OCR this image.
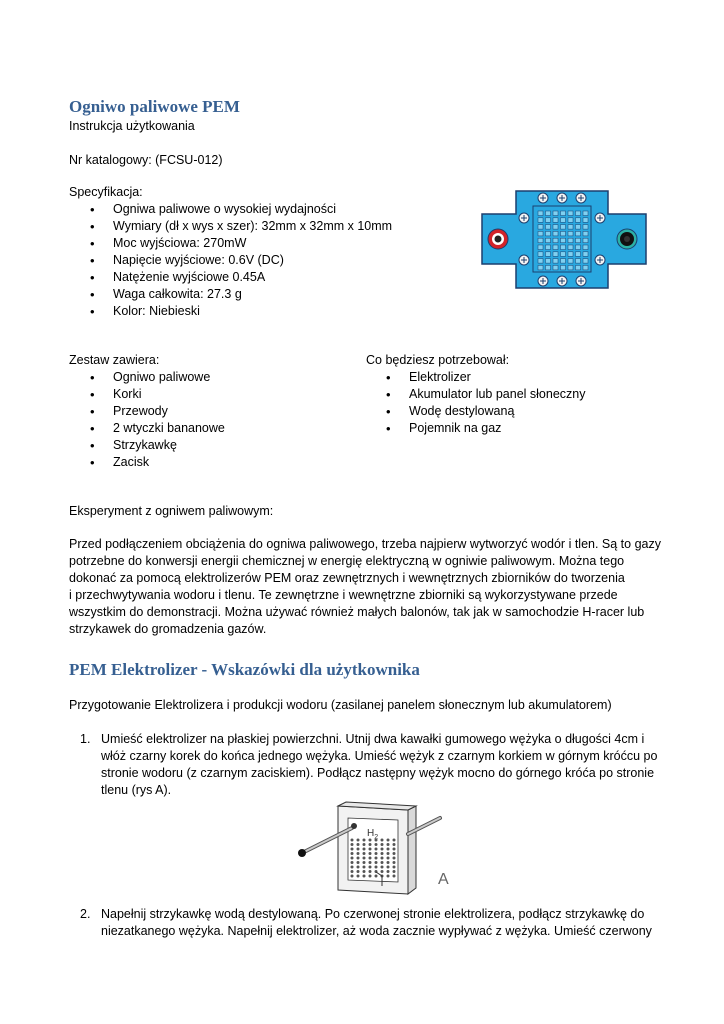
Ogniwo paliwowe PEM
Instrukcja użytkowania
Nr katalogowy: (FCSU-012)
Specyfikacja:
• Ogniwa paliwowe o wysokiej wydajności
• Wymiary (dł x wys x szer): 32mm x 32mm x 10mm
• Moc wyjściowa: 270mW
• Napięcie wyjściowe: 0.6V (DC)
• Natężenie wyjściowe 0.45A
• Waga całkowita: 27.3 g
• Kolor: Niebieski
Zestaw zawiera:
• Ogniwo paliwowe
• Korki
• Przewody
• 2 wtyczki bananowe
• Strzykawkę
• Zacisk
Co będziesz potrzebował:
• Elektrolizer
• Akumulator lub panel słoneczny
• Wodę destylowaną
• Pojemnik na gaz
Eksperyment z ogniwem paliwowym:
Przed podłączeniem obciążenia do ogniwa paliwowego, trzeba najpierw wytworzyć wodór i tlen. Są to gazy
potrzebne do konwersji energii chemicznej w energię elektryczną w ogniwie paliwowym. Można tego
dokonać za pomocą elektrolizerów PEM oraz zewnętrznych i wewnętrznych zbiorników do tworzenia
i przechwytywania wodoru i tlenu. Te zewnętrzne i wewnętrzne zbiorniki są wykorzystywane przede
wszystkim do demonstracji. Można używać również małych balonów, tak jak w samochodzie H-racer lub
strzykawek do gromadzenia gazów.
PEM Elektrolizer - Wskazówki dla użytkownika
Przygotowanie Elektrolizera i produkcji wodoru (zasilanej panelem słonecznym lub akumulatorem)
1. Umieść elektrolizer na płaskiej powierzchni. Utnij dwa kawałki gumowego wężyka o długości 4cm i
włóż czarny korek do końca jednego wężyka. Umieść wężyk z czarnym korkiem w górnym króćcu po
stronie wodoru (z czarnym zaciskiem). Podłącz następny wężyk mocno do górnego króća po stronie
tlenu (rys A).
$H_2$
A
2. Napełnij strzykawkę wodą destylowaną. Po czerwonej stronie elektrolizera, podłącz strzykawkę do
niezatkanego wężyka. Napełnij elektrolizer, aż woda zacznie wypływać z wężyka. Umieść czerwony
